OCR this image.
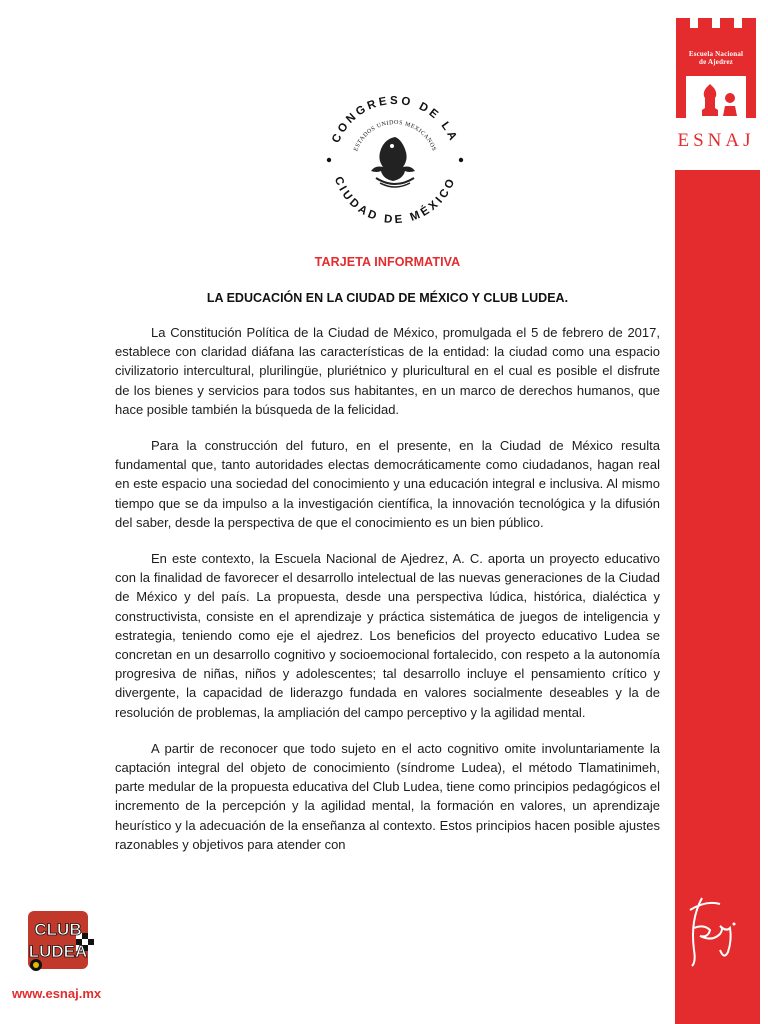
Escuela Nacional
de Ajedrez
ESNAJ
CONGRESO DE LA
ESTADOS UNIDOS MEXICANOS
CIUDAD DE MÉXICO
TARJETA INFORMATIVA
LA EDUCACIÓN EN LA CIUDAD DE MÉXICO Y CLUB LUDEA.

La Constitución Política de la Ciudad de México, promulgada el 5 de febrero de 2017, establece con claridad diáfana las características de la entidad: la ciudad como una espacio civilizatorio intercultural, plurilingüe, pluriétnico y pluricultural en el cual es posible el disfrute de los bienes y servicios para todos sus habitantes, en un marco de derechos humanos, que hace posible también la búsqueda de la felicidad.

Para la construcción del futuro, en el presente, en la Ciudad de México resulta fundamental que, tanto autoridades electas democráticamente como ciudadanos, hagan real en este espacio una sociedad del conocimiento y una educación integral e inclusiva. Al mismo tiempo que se da impulso a la investigación científica, la innovación tecnológica y la difusión del saber, desde la perspectiva de que el conocimiento es un bien público.

En este contexto, la Escuela Nacional de Ajedrez, A. C. aporta un proyecto educativo con la finalidad de favorecer el desarrollo intelectual de las nuevas generaciones de la Ciudad de México y del país. La propuesta, desde una perspectiva lúdica, histórica, dialéctica y constructivista, consiste en el aprendizaje y práctica sistemática de juegos de inteligencia y estrategia, teniendo como eje el ajedrez. Los beneficios del proyecto educativo Ludea se concretan en un desarrollo cognitivo y socioemocional fortalecido, con respeto a la autonomía progresiva de niñas, niños y adolescentes; tal desarrollo incluye el pensamiento crítico y divergente, la capacidad de liderazgo fundada en valores socialmente deseables y la de resolución de problemas, la ampliación del campo perceptivo y la agilidad mental.

A partir de reconocer que todo sujeto en el acto cognitivo omite involuntariamente la captación integral del objeto de conocimiento (síndrome Ludea), el método Tlamatinimeh, parte medular de la propuesta educativa del Club Ludea, tiene como principios pedagógicos el incremento de la percepción y la agilidad mental, la formación en valores, un aprendizaje heurístico y la adecuación de la enseñanza al contexto. Estos principios hacen posible ajustes razonables y objetivos para atender con

CLUB
LUDEA
www.esnaj.mx
